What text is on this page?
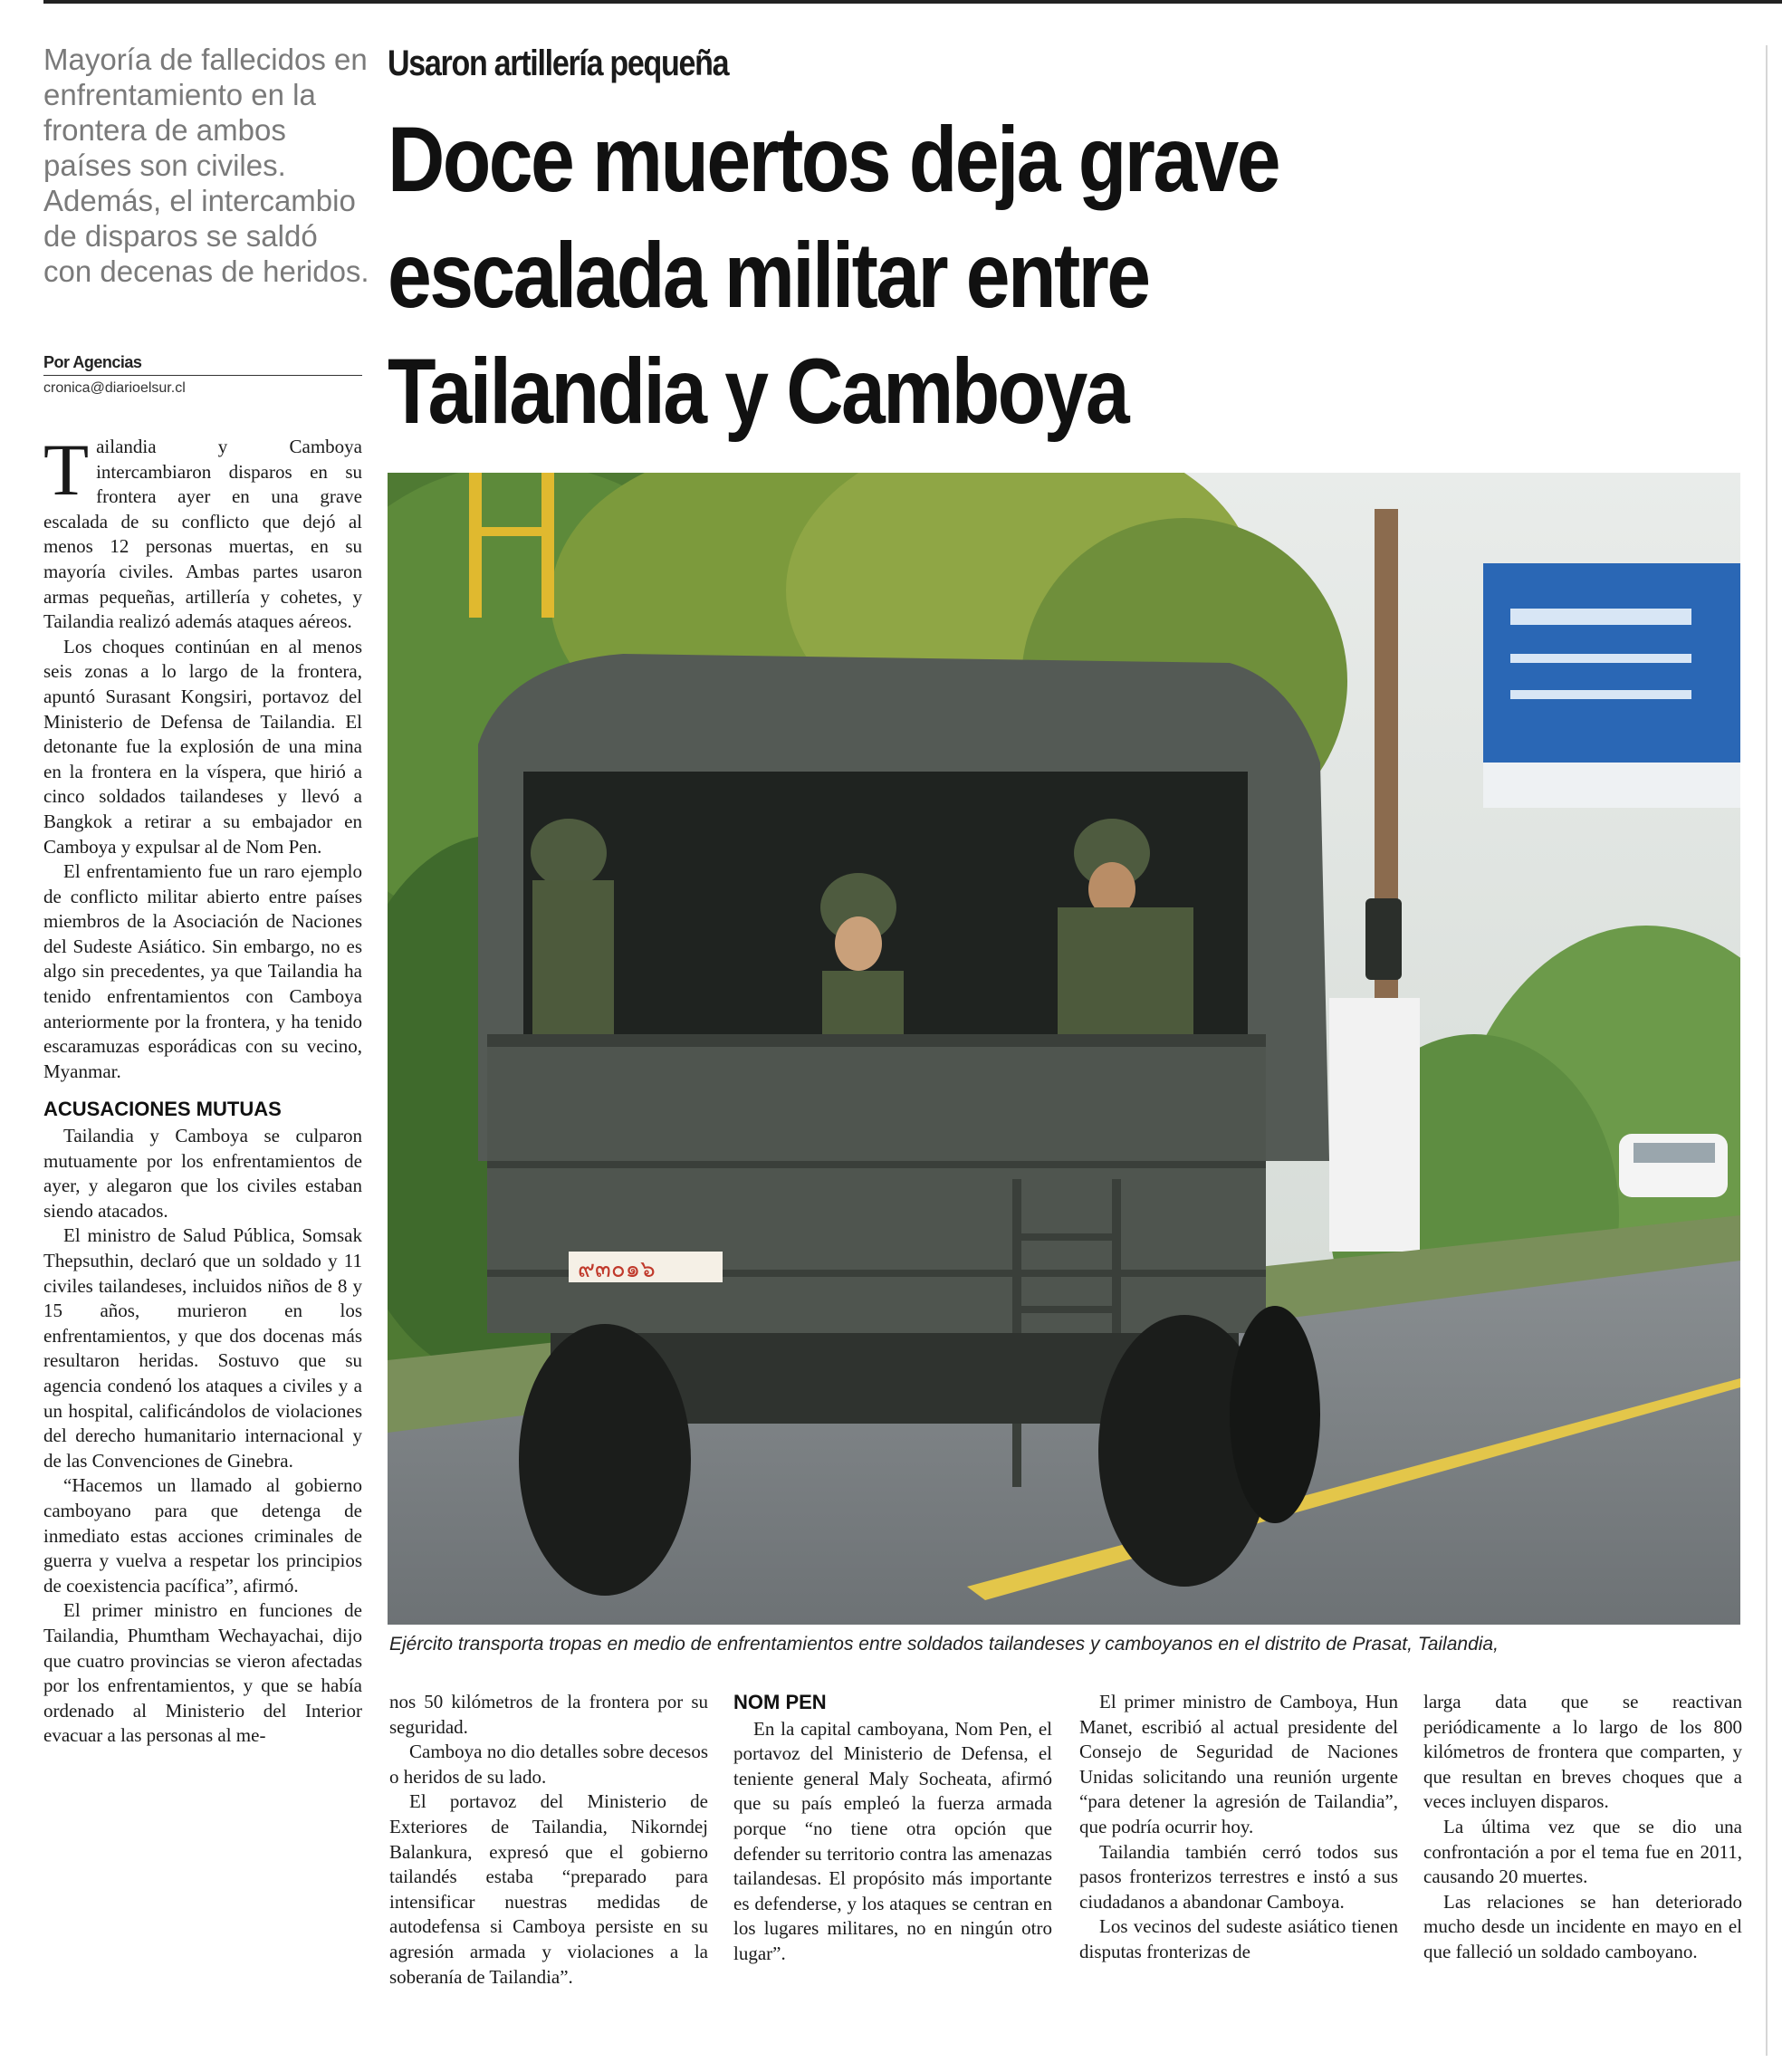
Mayoría de fallecidos en enfrentamiento en la frontera de ambos países son civiles. Además, el intercambio de disparos se saldó con decenas de heridos.

Por Agencias
cronica@diarioelsur.cl
Usaron artillería pequeña
Doce muertos deja grave
escalada militar entre
Tailandia y Camboya

Tailandia y Camboya intercambiaron disparos en su frontera ayer en una grave escalada de su conflicto que dejó al menos 12 personas muertas, en su mayoría civiles. Ambas partes usaron armas pequeñas, artillería y cohetes, y Tailandia realizó además ataques aéreos.

Los choques continúan en al menos seis zonas a lo largo de la frontera, apuntó Surasant Kongsiri, portavoz del Ministerio de Defensa de Tailandia. El detonante fue la explosión de una mina en la frontera en la víspera, que hirió a cinco soldados tailandeses y llevó a Bangkok a retirar a su embajador en Camboya y expulsar al de Nom Pen.

El enfrentamiento fue un raro ejemplo de conflicto militar abierto entre países miembros de la Asociación de Naciones del Sudeste Asiático. Sin embargo, no es algo sin precedentes, ya que Tailandia ha tenido enfrentamientos con Camboya anteriormente por la frontera, y ha tenido escaramuzas esporádicas con su vecino, Myanmar.

ACUSACIONES MUTUAS

Tailandia y Camboya se culparon mutuamente por los enfrentamientos de ayer, y alegaron que los civiles estaban siendo atacados.

El ministro de Salud Pública, Somsak Thepsuthin, declaró que un soldado y 11 civiles tailandeses, incluidos niños de 8 y 15 años, murieron en los enfrentamientos, y que dos docenas más resultaron heridas. Sostuvo que su agencia condenó los ataques a civiles y a un hospital, calificándolos de violaciones del derecho humanitario internacional y de las Convenciones de Ginebra.

“Hacemos un llamado al gobierno camboyano para que detenga de inmediato estas acciones criminales de guerra y vuelva a respetar los principios de coexistencia pacífica”, afirmó.

El primer ministro en funciones de Tailandia, Phumtham Wechayachai, dijo que cuatro provincias se vieron afectadas por los enfrentamientos, y que se había ordenado al Ministerio del Interior evacuar a las personas al me-

๙๓๐๑๖
Ejército transporta tropas en medio de enfrentamientos entre soldados tailandeses y camboyanos en el distrito de Prasat, Tailandia,

nos 50 kilómetros de la frontera por su seguridad.

Camboya no dio detalles sobre decesos o heridos de su lado.

El portavoz del Ministerio de Exteriores de Tailandia, Nikorndej Balankura, expresó que el gobierno tailandés estaba “preparado para intensificar nuestras medidas de autodefensa si Camboya persiste en su agresión armada y violaciones a la soberanía de Tailandia”.

NOM PEN

En la capital camboyana, Nom Pen, el portavoz del Ministerio de Defensa, el teniente general Maly Socheata, afirmó que su país empleó la fuerza armada porque “no tiene otra opción que defender su territorio contra las amenazas tailandesas. El propósito más importante es defenderse, y los ataques se centran en los lugares militares, no en ningún otro lugar”.

El primer ministro de Camboya, Hun Manet, escribió al actual presidente del Consejo de Seguridad de Naciones Unidas solicitando una reunión urgente “para detener la agresión de Tailandia”, que podría ocurrir hoy.

Tailandia también cerró todos sus pasos fronterizos terrestres e instó a sus ciudadanos a abandonar Camboya.

Los vecinos del sudeste asiático tienen disputas fronterizas de

larga data que se reactivan periódicamente a lo largo de los 800 kilómetros de frontera que comparten, y que resultan en breves choques que a veces incluyen disparos.

La última vez que se dio una confrontación a por el tema fue en 2011, causando 20 muertes.

Las relaciones se han deteriorado mucho desde un incidente en mayo en el que falleció un soldado camboyano.
